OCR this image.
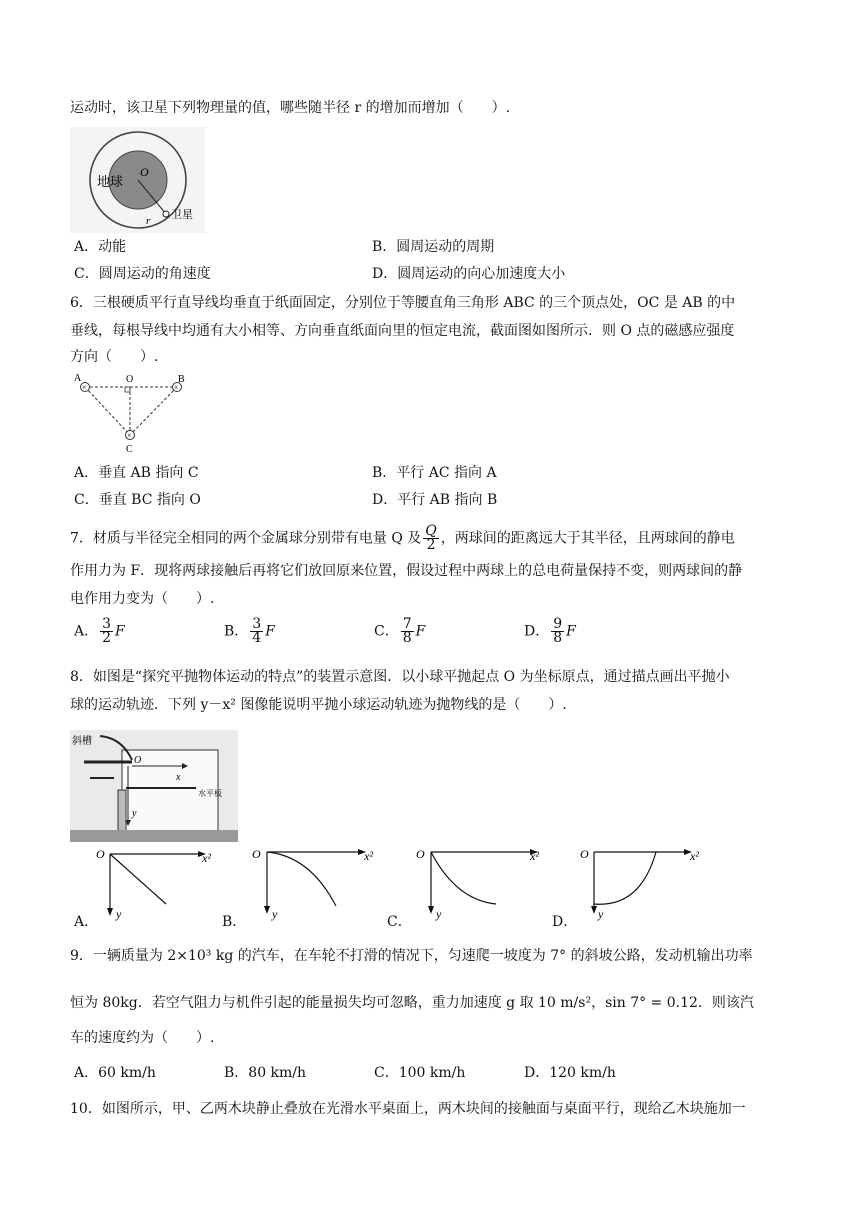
运动时，该卫星下列物理量的值，哪些随半径 r 的增加而增加（　　）.
地球
O
卫星
r
A．动能	B．圆周运动的周期
C．圆周运动的角速度	D．圆周运动的向心加速度大小
6．三根硬质平行直导线均垂直于纸面固定，分别位于等腰直角三角形 ABC 的三个顶点处，OC 是 AB 的中
垂线，每根导线中均通有大小相等、方向垂直纸面向里的恒定电流，截面图如图所示．则 O 点的磁感应强度
方向（　　）.
×	×
×
A	O	B
C
A．垂直 AB 指向 C	B．平行 AC 指向 A
C．垂直 BC 指向 O	D．平行 AB 指向 B
7．材质与半径完全相同的两个金属球分别带有电量 Q 及 $\frac{Q}{2}$ ，两球间的距离远大于其半径，且两球间的静电
作用力为 F．现将两球接触后再将它们放回原来位置，假设过程中两球上的总电荷量保持不变，则两球间的静
电作用力变为（　　）.
A． $\frac{3}{2}$ F	B． $\frac{3}{4}$ F	C． $\frac{7}{8}$ F	D． $\frac{9}{8}$ F
8．如图是“探究平抛物体运动的特点”的装置示意图．以小球平抛起点 O 为坐标原点，通过描点画出平抛小
球的运动轨迹．下列 y－x² 图像能说明平抛小球运动轨迹为抛物线的是（　　）.
斜槽
O
x
y
水平板
O	x²
y
A．
O	x²
y
B．
O	x²
y
C．
O	x²
y
D．
9．一辆质量为 2×10³ kg 的汽车，在车轮不打滑的情况下，匀速爬一坡度为 7° 的斜坡公路，发动机输出功率
恒为 80kg．若空气阻力与机件引起的能量损失均可忽略，重力加速度 g 取 10 m/s²，sin 7° = 0.12．则该汽
车的速度约为（　　）.
A．60 km/h	B．80 km/h	C．100 km/h	D．120 km/h
10．如图所示，甲、乙两木块静止叠放在光滑水平桌面上，两木块间的接触面与桌面平行，现给乙木块施加一
